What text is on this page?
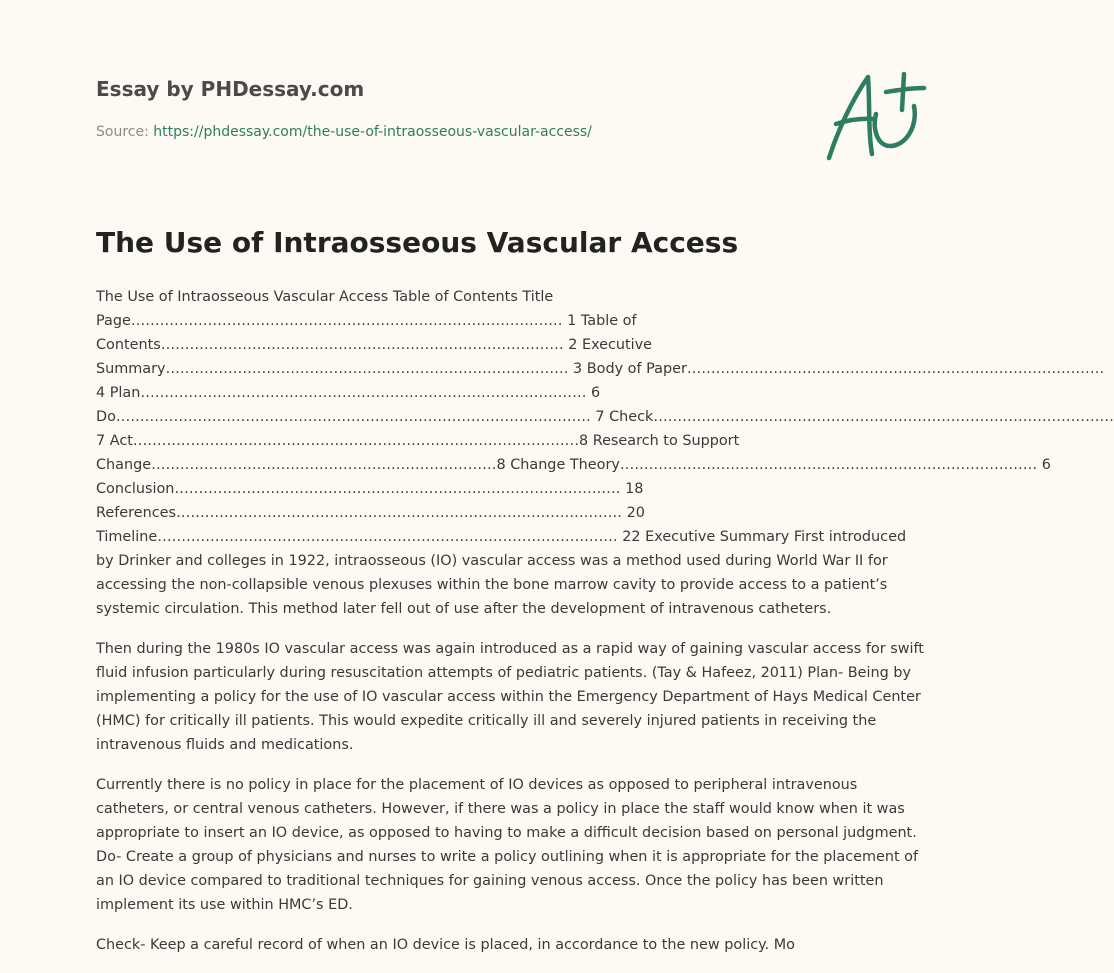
Essay by PHDessay.com
Source: https://phdessay.com/the-use-of-intraosseous-vascular-access/
The Use of Intraosseous Vascular Access
The Use of Intraosseous Vascular Access Table of Contents Title
Page……………………………………………………………………………… 1 Table of
Contents………………………………………………………………………… 2 Executive
Summary………………………………………………………………………… 3 Body of Paper……………………………………………………………………………
4 Plan………………………………………………………………………………… 6
Do……………………………………………………………………………………… 7 Check……………………………………………………………………………………
7 Act…………………………………………………………………………………8 Research to Support
Change………………………………………………………………8 Change Theory…………………………………………………………………………… 6
Conclusion………………………………………………………………………………… 18
References………………………………………………………………………………… 20

Timeline…………………………………………………………………………………… 22 Executive Summary First introduced by Drinker and colleges in 1922, intraosseous (IO) vascular access was a method used during World War II for accessing the non-collapsible venous plexuses within the bone marrow cavity to provide access to a patient’s systemic circulation. This method later fell out of use after the development of intravenous catheters.

Then during the 1980s IO vascular access was again introduced as a rapid way of gaining vascular access for swift fluid infusion particularly during resuscitation attempts of pediatric patients. (Tay & Hafeez, 2011) Plan- Being by implementing a policy for the use of IO vascular access within the Emergency Department of Hays Medical Center (HMC) for critically ill patients. This would expedite critically ill and severely injured patients in receiving the intravenous fluids and medications.

Currently there is no policy in place for the placement of IO devices as opposed to peripheral intravenous catheters, or central venous catheters. However, if there was a policy in place the staff would know when it was appropriate to insert an IO device, as opposed to having to make a difficult decision based on personal judgment. Do- Create a group of physicians and nurses to write a policy outlining when it is appropriate for the placement of an IO device compared to traditional techniques for gaining venous access. Once the policy has been written implement its use within HMC’s ED.

Check- Keep a careful record of when an IO device is placed, in accordance to the new policy. Mo
